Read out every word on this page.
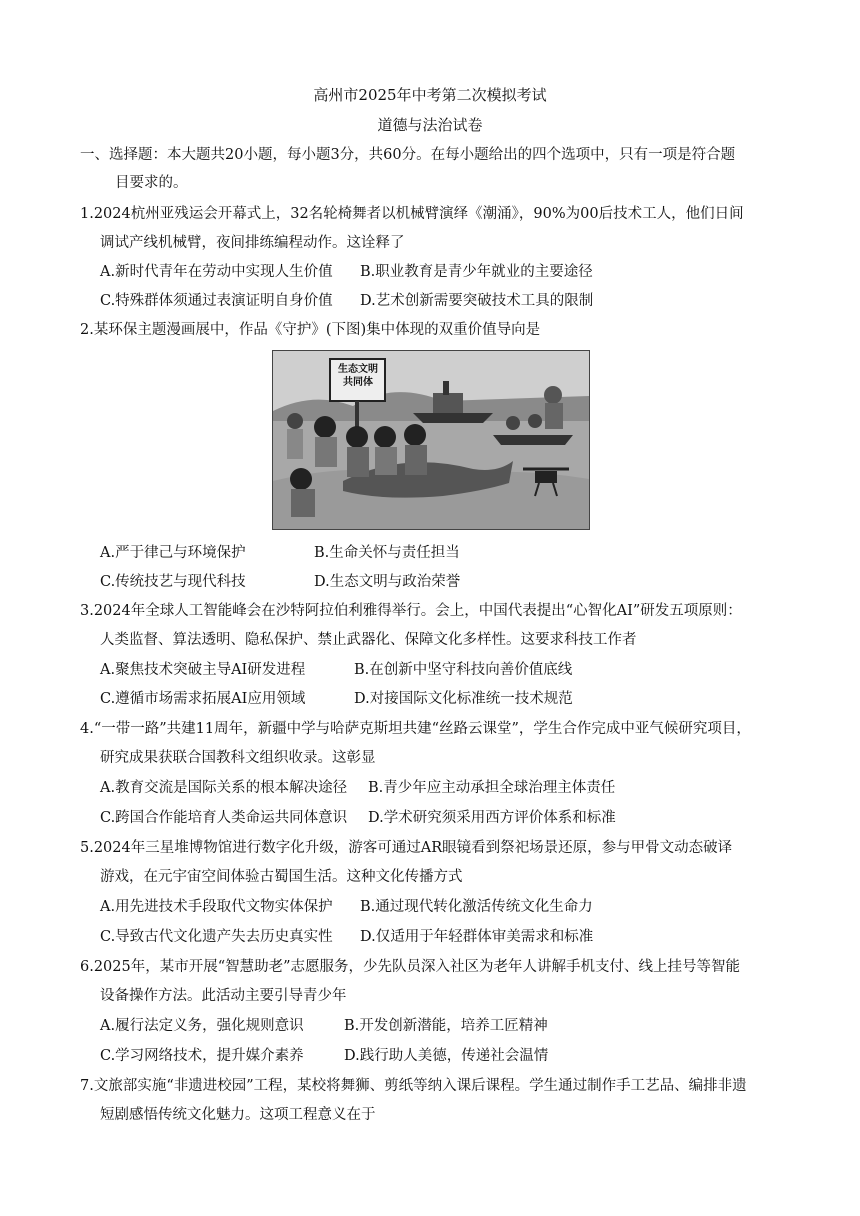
高州市2025年中考第二次模拟考试
道德与法治试卷
一、选择题：本大题共20小题，每小题3分，共60分。在每小题给出的四个选项中，只有一项是符合题
目要求的。
1.2024杭州亚残运会开幕式上，32名轮椅舞者以机械臂演绎《潮涌》，90%为00后技术工人，他们日间
调试产线机械臂，夜间排练编程动作。这诠释了
A.新时代青年在劳动中实现人生价值 B.职业教育是青少年就业的主要途径
C.特殊群体须通过表演证明自身价值 D.艺术创新需要突破技术工具的限制
2.某环保主题漫画展中，作品《守护》(下图)集中体现的双重价值导向是
生态文明
共同体
A.严于律己与环境保护	B.生命关怀与责任担当
C.传统技艺与现代科技	D.生态文明与政治荣誉
3.2024年全球人工智能峰会在沙特阿拉伯利雅得举行。会上，中国代表提出“心智化AI”研发五项原则：
人类监督、算法透明、隐私保护、禁止武器化、保障文化多样性。这要求科技工作者
A.聚焦技术突破主导AI研发进程	B.在创新中坚守科技向善价值底线
C.遵循市场需求拓展AI应用领域	D.对接国际文化标准统一技术规范
4.“一带一路”共建11周年，新疆中学与哈萨克斯坦共建“丝路云课堂”，学生合作完成中亚气候研究项目，
研究成果获联合国教科文组织收录。这彰显
A.教育交流是国际关系的根本解决途径 B.青少年应主动承担全球治理主体责任
C.跨国合作能培育人类命运共同体意识 D.学术研究须采用西方评价体系和标准
5.2024年三星堆博物馆进行数字化升级，游客可通过AR眼镜看到祭祀场景还原，参与甲骨文动态破译
游戏，在元宇宙空间体验古蜀国生活。这种文化传播方式
A.用先进技术手段取代文物实体保护 B.通过现代转化激活传统文化生命力
C.导致古代文化遗产失去历史真实性 D.仅适用于年轻群体审美需求和标准
6.2025年，某市开展“智慧助老”志愿服务，少先队员深入社区为老年人讲解手机支付、线上挂号等智能
设备操作方法。此活动主要引导青少年
A.履行法定义务，强化规则意识	B.开发创新潜能，培养工匠精神
C.学习网络技术，提升媒介素养	D.践行助人美德，传递社会温情
7.文旅部实施“非遗进校园”工程，某校将舞狮、剪纸等纳入课后课程。学生通过制作手工艺品、编排非遗
短剧感悟传统文化魅力。这项工程意义在于
